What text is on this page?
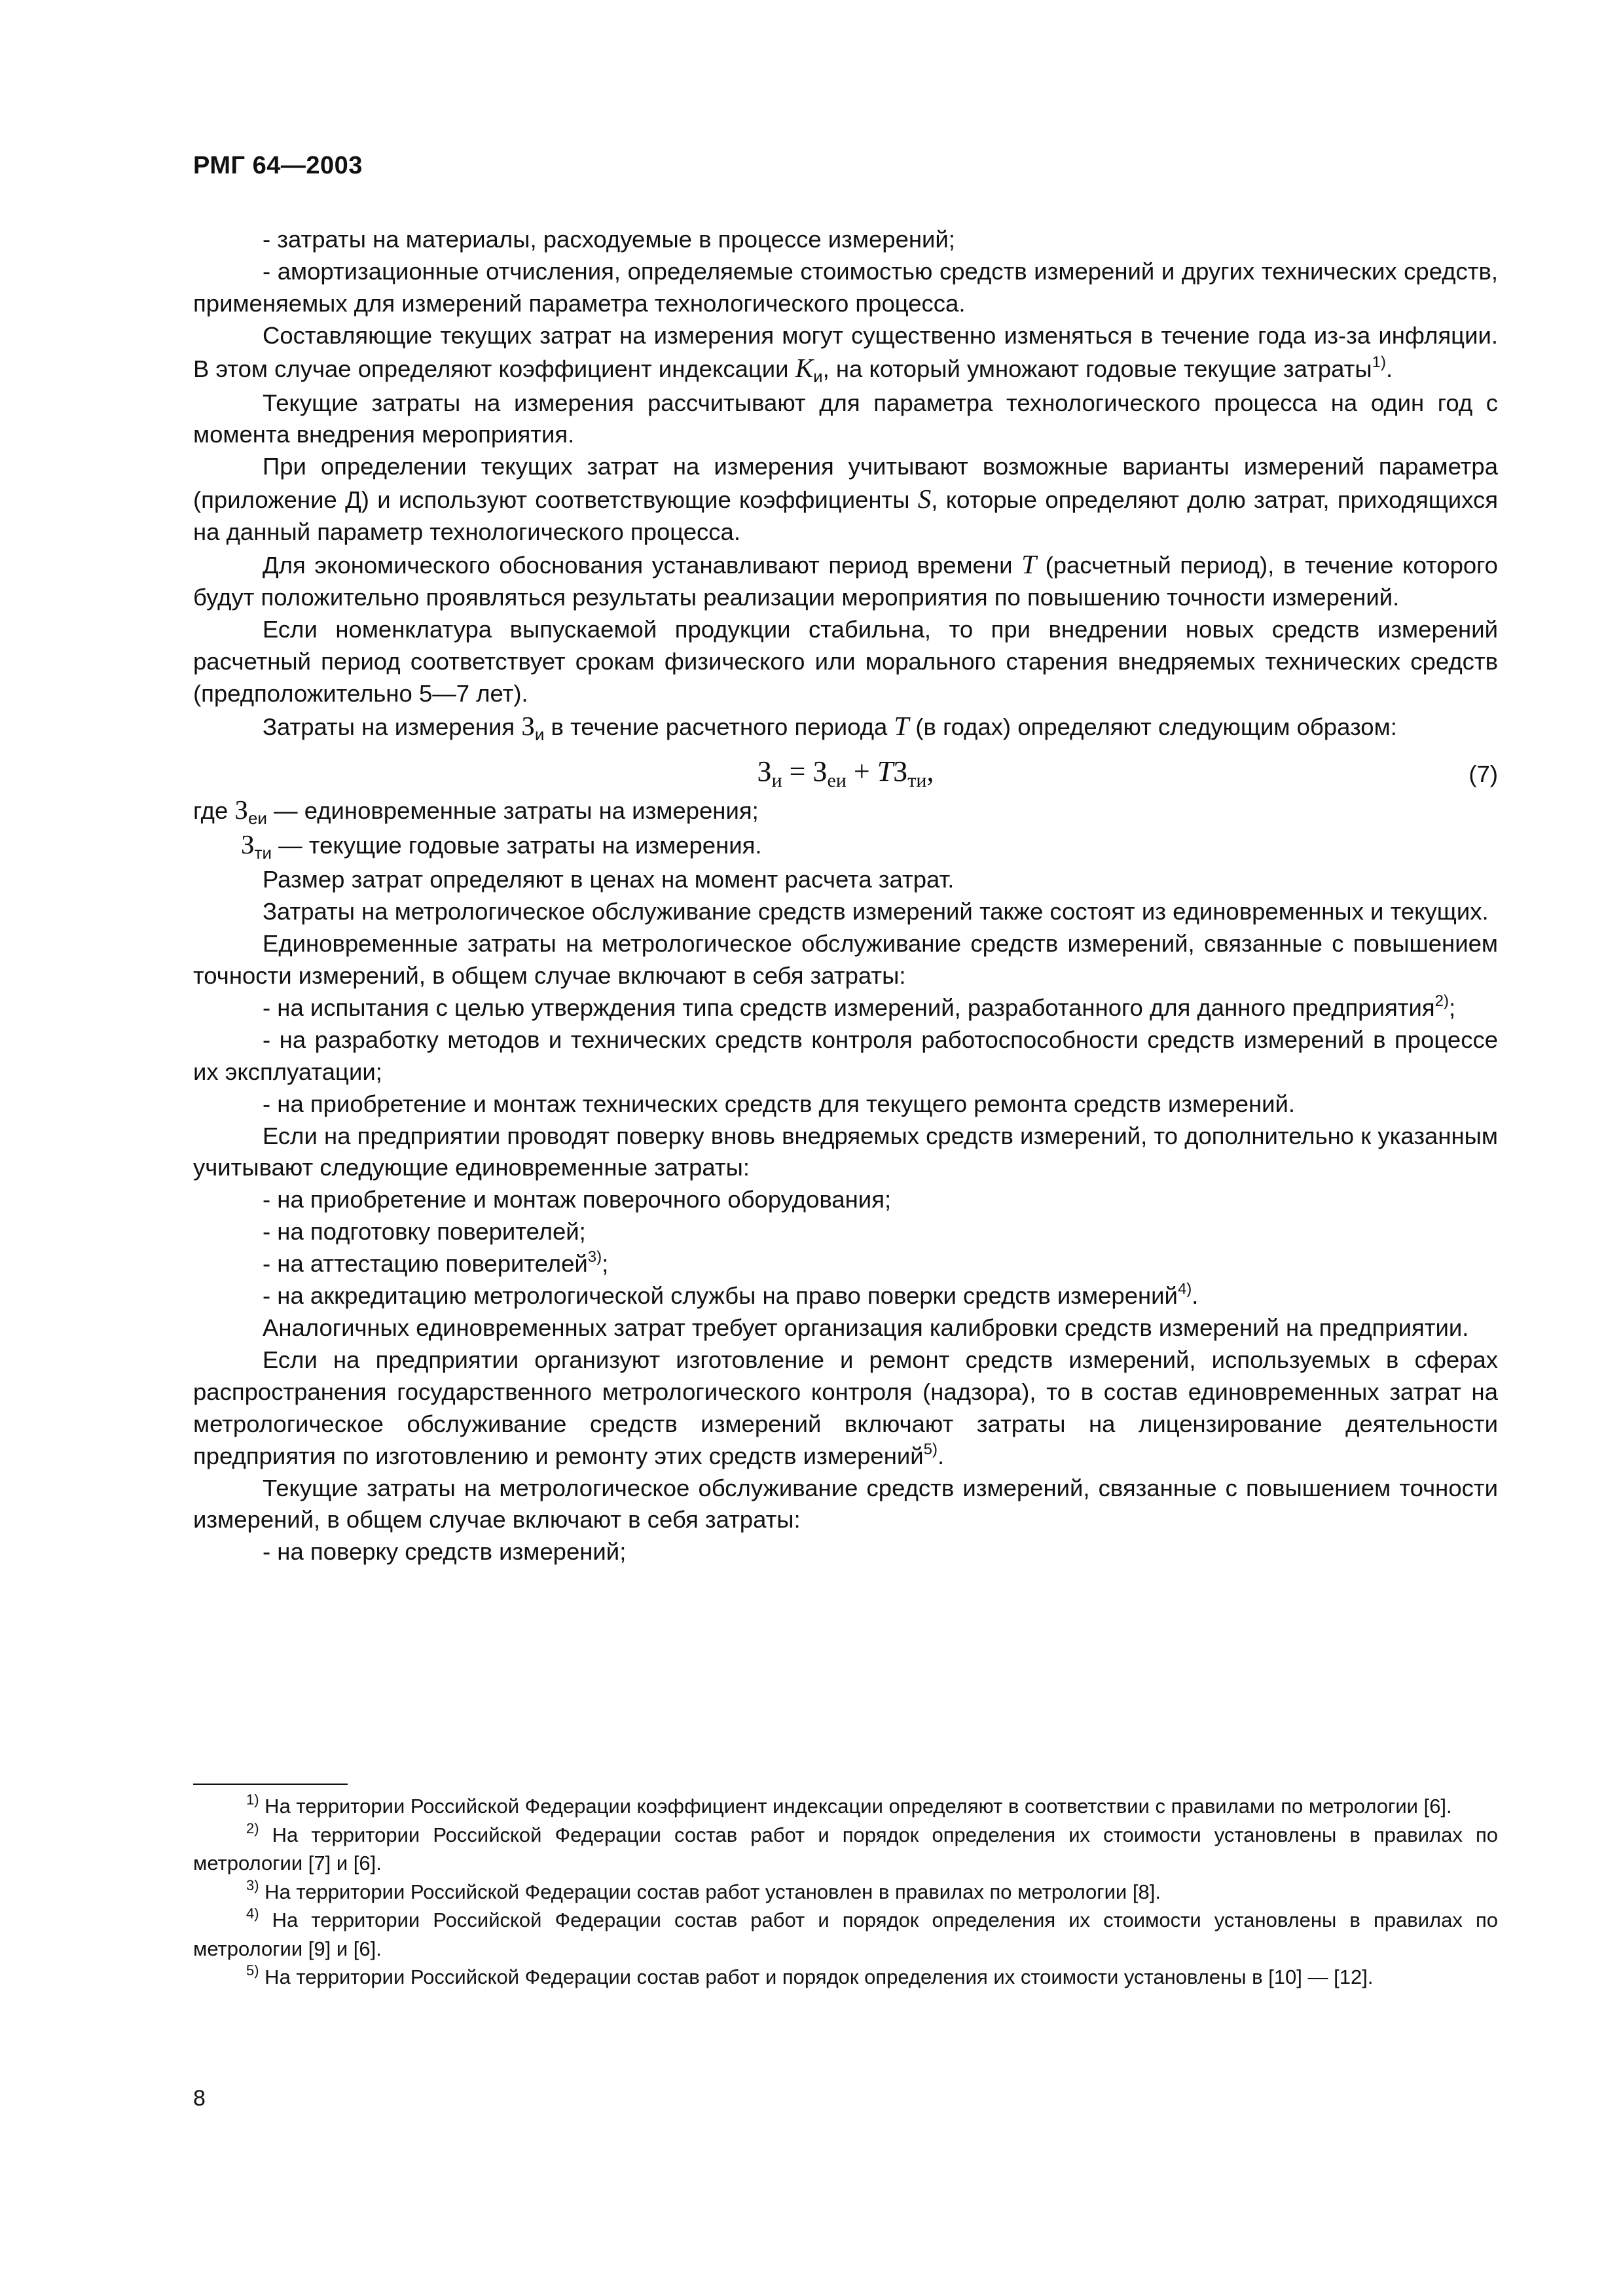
РМГ 64—2003

- затраты на материалы, расходуемые в процессе измерений;

- амортизационные отчисления, определяемые стоимостью средств измерений и других технических средств, применяемых для измерений параметра технологического процесса.

Составляющие текущих затрат на измерения могут существенно изменяться в течение года из-за инфляции. В этом случае определяют коэффициент индексации $K_и$, на который умножают годовые текущие затраты$^{1)}$.

Текущие затраты на измерения рассчитывают для параметра технологического процесса на один год с момента внедрения мероприятия.

При определении текущих затрат на измерения учитывают возможные варианты измерений параметра (приложение Д) и используют соответствующие коэффициенты S, которые определяют долю затрат, приходящихся на данный параметр технологического процесса.

Для экономического обоснования устанавливают период времени T (расчетный период), в течение которого будут положительно проявляться результаты реализации мероприятия по повышению точности измерений.

Если номенклатура выпускаемой продукции стабильна, то при внедрении новых средств измерений расчетный период соответствует срокам физического или морального старения внедряемых технических средств (предположительно 5—7 лет).

Затраты на измерения $З_и$ в течение расчетного периода T (в годах) определяют следующим образом:

$З_и = З_{еи} + TЗ_{ти}$,	(7)

где $З_{еи}$ — единовременные затраты на измерения;

$З_{ти}$ — текущие годовые затраты на измерения.

Размер затрат определяют в ценах на момент расчета затрат.

Затраты на метрологическое обслуживание средств измерений также состоят из единовременных и текущих.

Единовременные затраты на метрологическое обслуживание средств измерений, связанные с повышением точности измерений, в общем случае включают в себя затраты:

- на испытания с целью утверждения типа средств измерений, разработанного для данного предприятия$^{2)}$;

- на разработку методов и технических средств контроля работоспособности средств измерений в процессе их эксплуатации;

- на приобретение и монтаж технических средств для текущего ремонта средств измерений.

Если на предприятии проводят поверку вновь внедряемых средств измерений, то дополнительно к указанным учитывают следующие единовременные затраты:

- на приобретение и монтаж поверочного оборудования;

- на подготовку поверителей;

- на аттестацию поверителей$^{3)}$;

- на аккредитацию метрологической службы на право поверки средств измерений$^{4)}$.

Аналогичных единовременных затрат требует организация калибровки средств измерений на предприятии.

Если на предприятии организуют изготовление и ремонт средств измерений, используемых в сферах распространения государственного метрологического контроля (надзора), то в состав единовременных затрат на метрологическое обслуживание средств измерений включают затраты на лицензирование деятельности предприятия по изготовлению и ремонту этих средств измерений$^{5)}$.

Текущие затраты на метрологическое обслуживание средств измерений, связанные с повышением точности измерений, в общем случае включают в себя затраты:

- на поверку средств измерений;

$^{1)}$ На территории Российской Федерации коэффициент индексации определяют в соответствии с правилами по метрологии [6].

$^{2)}$ На территории Российской Федерации состав работ и порядок определения их стоимости установлены в правилах по метрологии [7] и [6].

$^{3)}$ На территории Российской Федерации состав работ установлен в правилах по метрологии [8].

$^{4)}$ На территории Российской Федерации состав работ и порядок определения их стоимости установлены в правилах по метрологии [9] и [6].

$^{5)}$ На территории Российской Федерации состав работ и порядок определения их стоимости установлены в [10] — [12].

8
